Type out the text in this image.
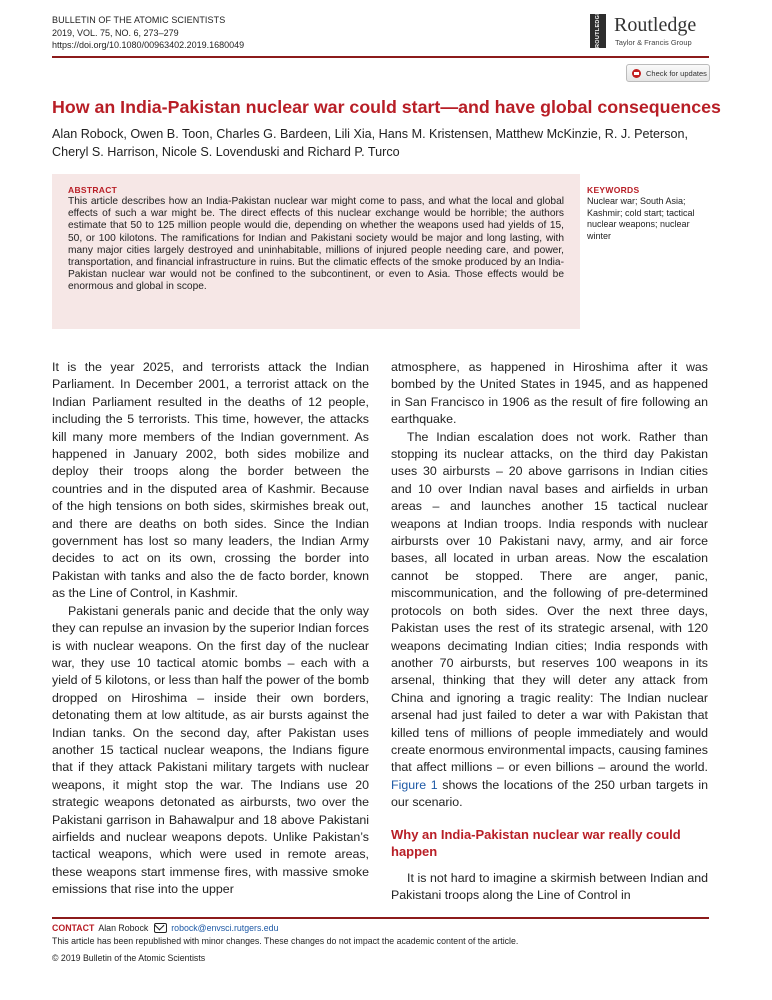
BULLETIN OF THE ATOMIC SCIENTISTS
2019, VOL. 75, NO. 6, 273–279
https://doi.org/10.1080/00963402.2019.1680049	ROUTLEDGE Routledge
Taylor & Francis Group
Check for updates
How an India-Pakistan nuclear war could start—and have global consequences
Alan Robock, Owen B. Toon, Charles G. Bardeen, Lili Xia, Hans M. Kristensen, Matthew McKinzie, R. J. Peterson, Cheryl S. Harrison, Nicole S. Lovenduski and Richard P. Turco
ABSTRACT
This article describes how an India-Pakistan nuclear war might come to pass, and what the local and global effects of such a war might be. The direct effects of this nuclear exchange would be horrible; the authors estimate that 50 to 125 million people would die, depending on whether the weapons used had yields of 15, 50, or 100 kilotons. The ramifications for Indian and Pakistani society would be major and long lasting, with many major cities largely destroyed and uninhabitable, millions of injured people needing care, and power, transportation, and financial infrastructure in ruins. But the climatic effects of the smoke produced by an India-Pakistan nuclear war would not be confined to the subcontinent, or even to Asia. Those effects would be enormous and global in scope.
KEYWORDS
Nuclear war; South Asia; Kashmir; cold start; tactical nuclear weapons; nuclear winter

It is the year 2025, and terrorists attack the Indian Parliament. In December 2001, a terrorist attack on the Indian Parliament resulted in the deaths of 12 people, including the 5 terrorists. This time, however, the attacks kill many more members of the Indian government. As happened in January 2002, both sides mobilize and deploy their troops along the border between the countries and in the disputed area of Kashmir. Because of the high tensions on both sides, skirmishes break out, and there are deaths on both sides. Since the Indian government has lost so many leaders, the Indian Army decides to act on its own, crossing the border into Pakistan with tanks and also the de facto border, known as the Line of Control, in Kashmir.

Pakistani generals panic and decide that the only way they can repulse an invasion by the superior Indian forces is with nuclear weapons. On the first day of the nuclear war, they use 10 tactical atomic bombs – each with a yield of 5 kilotons, or less than half the power of the bomb dropped on Hiroshima – inside their own borders, detonating them at low altitude, as air bursts against the Indian tanks. On the second day, after Pakistan uses another 15 tactical nuclear weapons, the Indians figure that if they attack Pakistani military targets with nuclear weapons, it might stop the war. The Indians use 20 strategic weapons detonated as airbursts, two over the Pakistani garrison in Bahawalpur and 18 above Pakistani airfields and nuclear weapons depots. Unlike Pakistan’s tactical weapons, which were used in remote areas, these weapons start immense fires, with massive smoke emissions that rise into the upper

atmosphere, as happened in Hiroshima after it was bombed by the United States in 1945, and as happened in San Francisco in 1906 as the result of fire following an earthquake.

The Indian escalation does not work. Rather than stopping its nuclear attacks, on the third day Pakistan uses 30 airbursts – 20 above garrisons in Indian cities and 10 over Indian naval bases and airfields in urban areas – and launches another 15 tactical nuclear weapons at Indian troops. India responds with nuclear airbursts over 10 Pakistani navy, army, and air force bases, all located in urban areas. Now the escalation cannot be stopped. There are anger, panic, miscommunication, and the following of pre-determined protocols on both sides. Over the next three days, Pakistan uses the rest of its strategic arsenal, with 120 weapons decimating Indian cities; India responds with another 70 airbursts, but reserves 100 weapons in its arsenal, thinking that they will deter any attack from China and ignoring a tragic reality: The Indian nuclear arsenal had just failed to deter a war with Pakistan that killed tens of millions of people immediately and would create enormous environmental impacts, causing famines that affect millions – or even billions – around the world. Figure 1 shows the locations of the 250 urban targets in our scenario.

Why an India-Pakistan nuclear war really could happen

It is not hard to imagine a skirmish between Indian and Pakistani troops along the Line of Control in

CONTACT Alan Robock	robock@envsci.rutgers.edu
This article has been republished with minor changes. These changes do not impact the academic content of the article.
© 2019 Bulletin of the Atomic Scientists
